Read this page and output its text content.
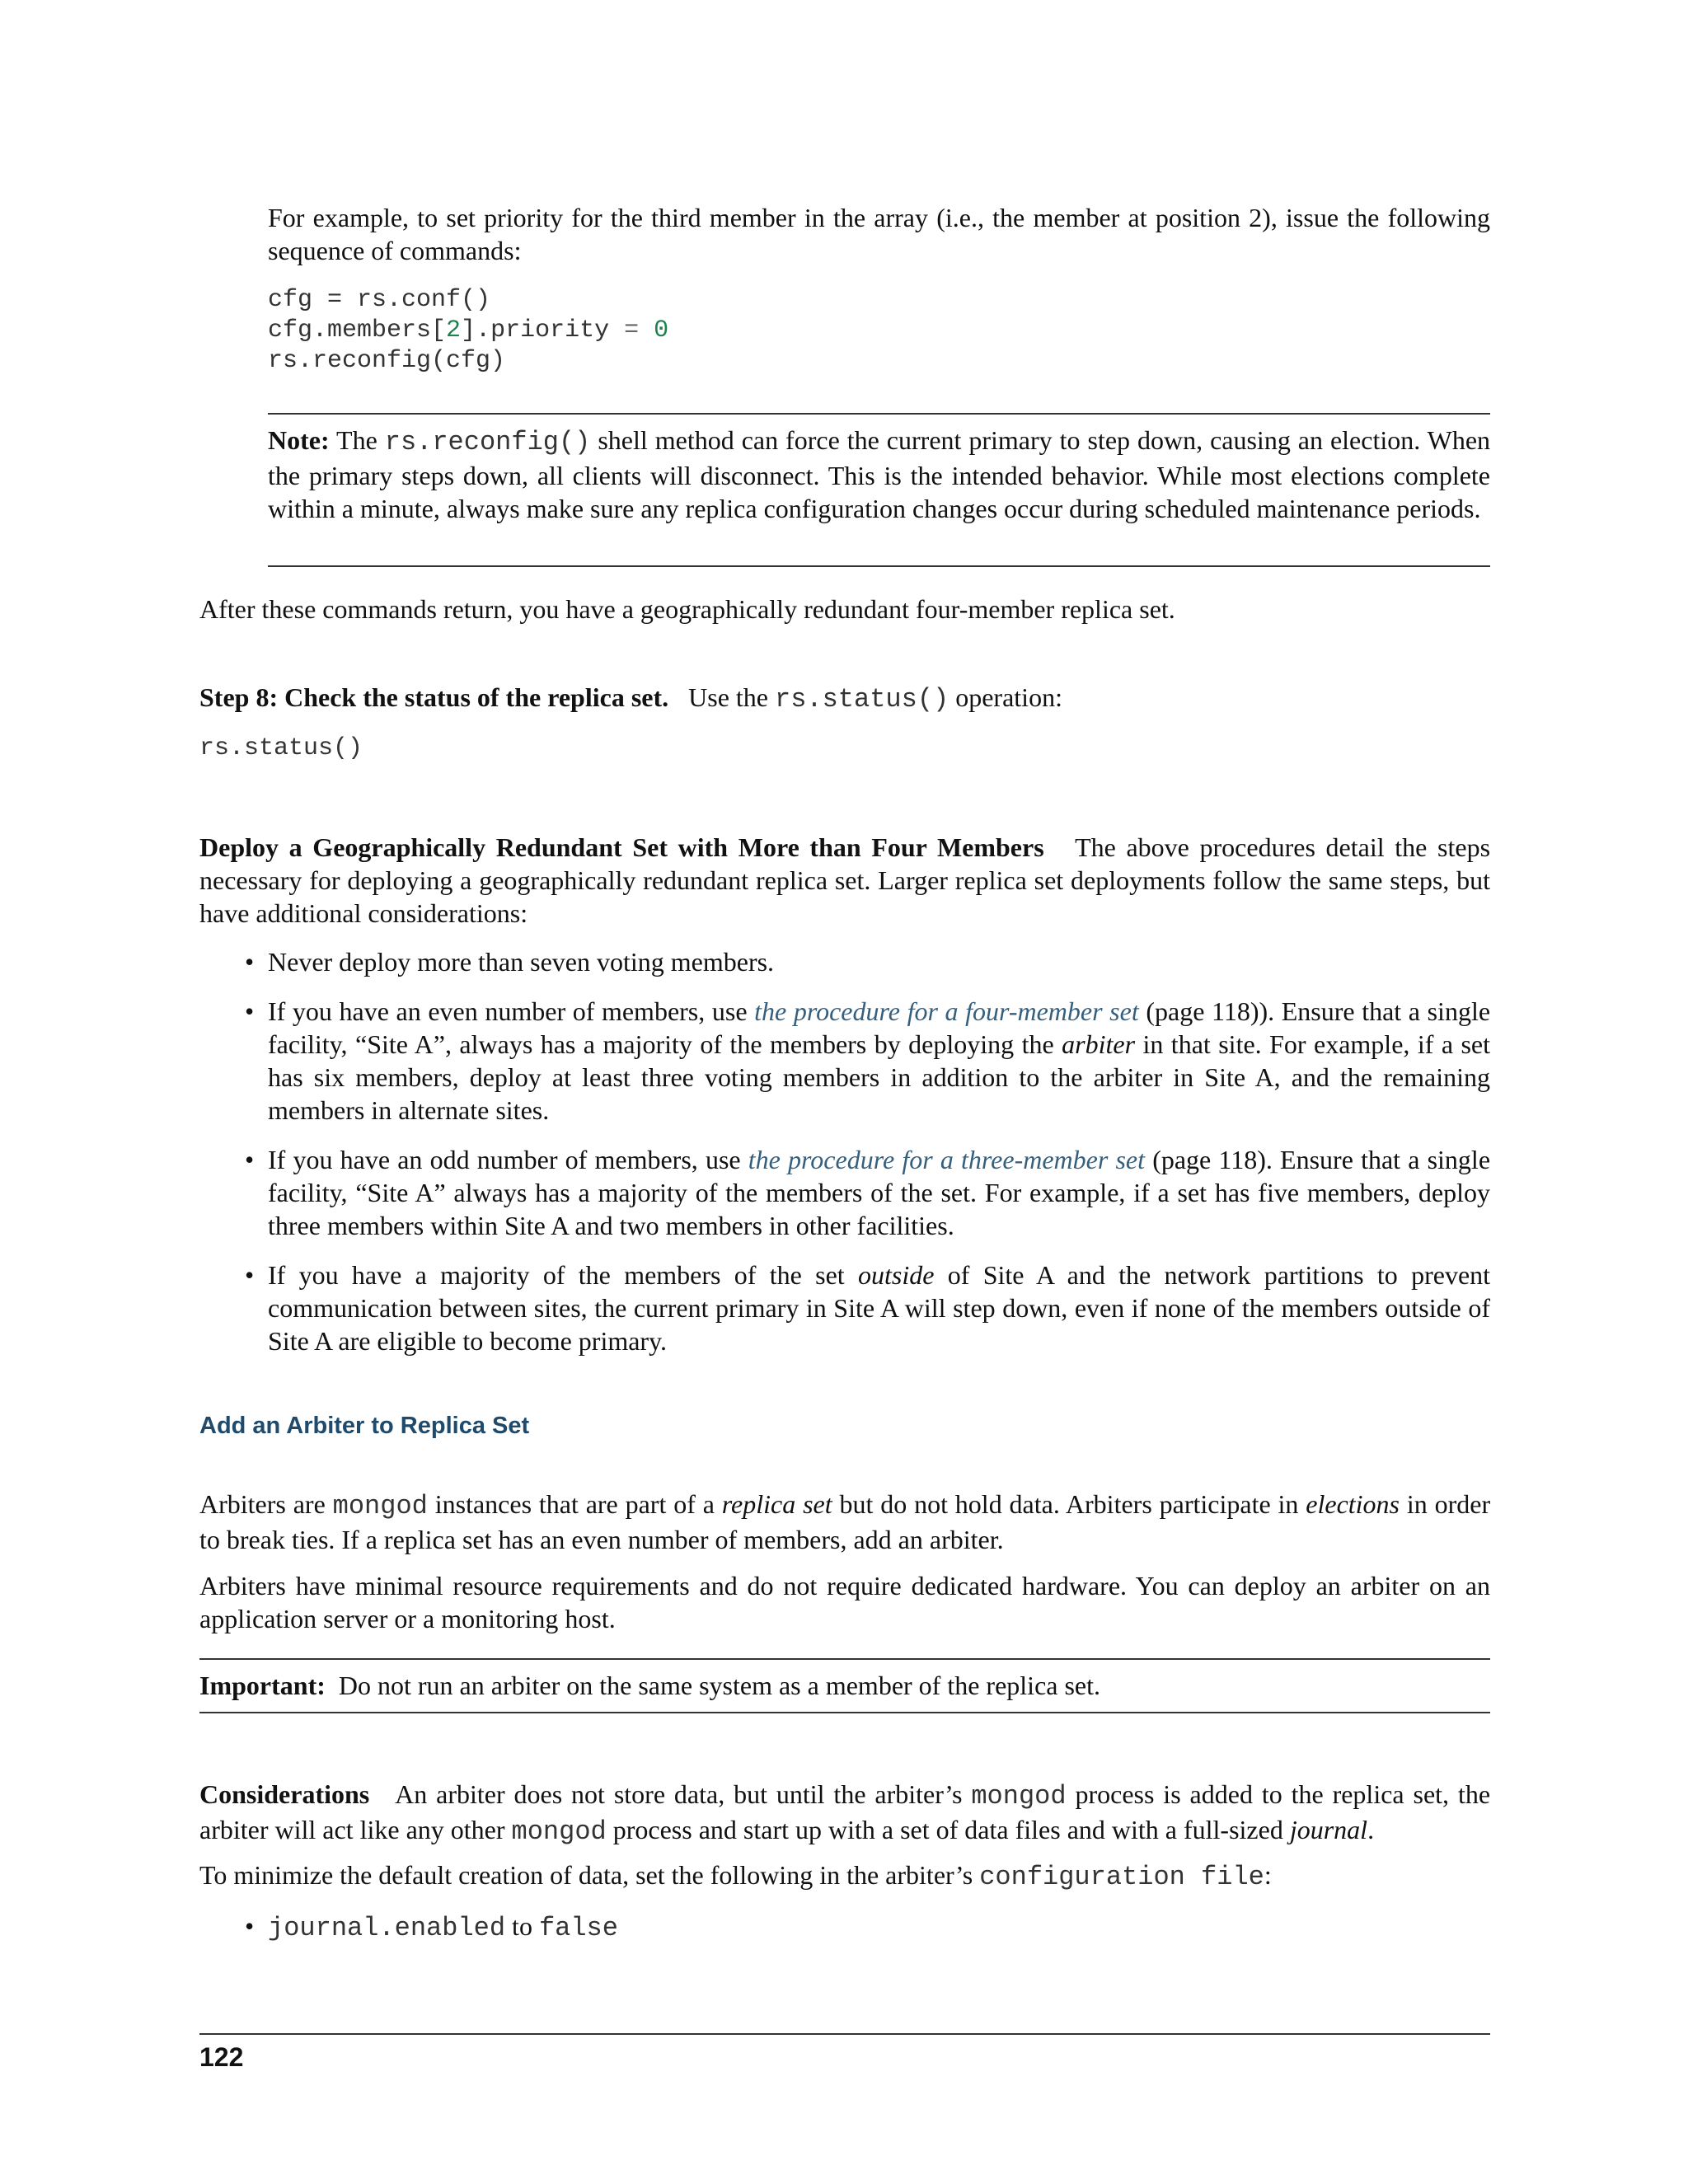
For example, to set priority for the third member in the array (i.e., the member at position 2), issue the following sequence of commands:
cfg = rs.conf()
cfg.members[2].priority = 0
rs.reconfig(cfg)
Note: The rs.reconfig() shell method can force the current primary to step down, causing an election. When the primary steps down, all clients will disconnect. This is the intended behavior. While most elections complete within a minute, always make sure any replica configuration changes occur during scheduled maintenance periods.
After these commands return, you have a geographically redundant four-member replica set.
Step 8: Check the status of the replica set. Use the rs.status() operation:
rs.status()
Deploy a Geographically Redundant Set with More than Four Members The above procedures detail the steps necessary for deploying a geographically redundant replica set. Larger replica set deployments follow the same steps, but have additional considerations:
• Never deploy more than seven voting members.
• If you have an even number of members, use the procedure for a four-member set (page 118)). Ensure that a single facility, “Site A”, always has a majority of the members by deploying the arbiter in that site. For example, if a set has six members, deploy at least three voting members in addition to the arbiter in Site A, and the remaining members in alternate sites.
• If you have an odd number of members, use the procedure for a three-member set (page 118). Ensure that a single facility, “Site A” always has a majority of the members of the set. For example, if a set has five members, deploy three members within Site A and two members in other facilities.
• If you have a majority of the members of the set outside of Site A and the network partitions to prevent communication between sites, the current primary in Site A will step down, even if none of the members outside of Site A are eligible to become primary.
Add an Arbiter to Replica Set
Arbiters are mongod instances that are part of a replica set but do not hold data. Arbiters participate in elections in order to break ties. If a replica set has an even number of members, add an arbiter.
Arbiters have minimal resource requirements and do not require dedicated hardware. You can deploy an arbiter on an application server or a monitoring host.
Important: Do not run an arbiter on the same system as a member of the replica set.
Considerations An arbiter does not store data, but until the arbiter’s mongod process is added to the replica set, the arbiter will act like any other mongod process and start up with a set of data files and with a full-sized journal.
To minimize the default creation of data, set the following in the arbiter’s configuration file:
• journal.enabled to false
122
